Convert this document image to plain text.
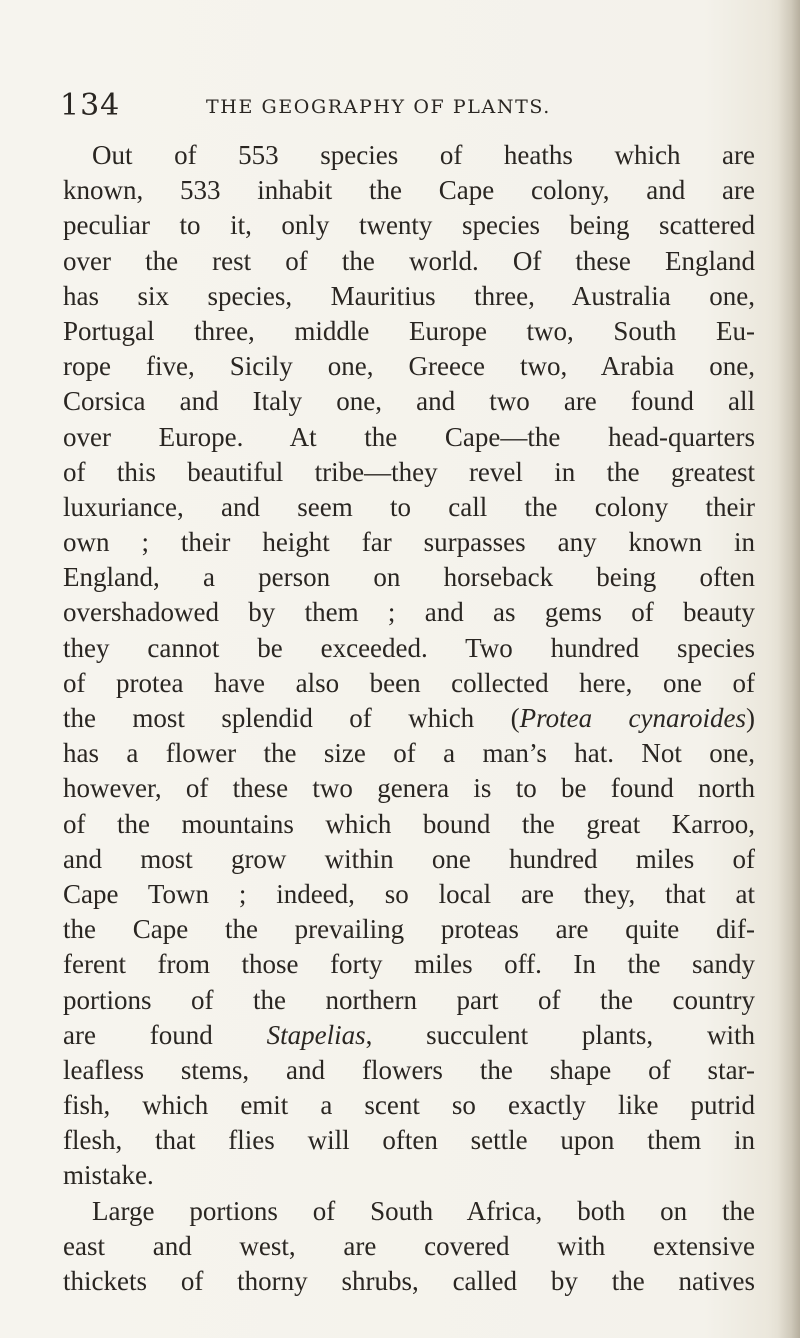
134	THE GEOGRAPHY OF PLANTS.
Out of 553 species of heaths which are
known, 533 inhabit the Cape colony, and are
peculiar to it, only twenty species being scattered
over the rest of the world. Of these England
has six species, Mauritius three, Australia one,
Portugal three, middle Europe two, South Eu-
rope five, Sicily one, Greece two, Arabia one,
Corsica and Italy one, and two are found all
over Europe. At the Cape—the head-quarters
of this beautiful tribe—they revel in the greatest
luxuriance, and seem to call the colony their
own ; their height far surpasses any known in
England, a person on horseback being often
overshadowed by them ; and as gems of beauty
they cannot be exceeded. Two hundred species
of protea have also been collected here, one of
the most splendid of which (Protea cynaroides)
has a flower the size of a man’s hat. Not one,
however, of these two genera is to be found north
of the mountains which bound the great Karroo,
and most grow within one hundred miles of
Cape Town ; indeed, so local are they, that at
the Cape the prevailing proteas are quite dif-
ferent from those forty miles off. In the sandy
portions of the northern part of the country
are found Stapelias, succulent plants, with
leafless stems, and flowers the shape of star-
fish, which emit a scent so exactly like putrid
flesh, that flies will often settle upon them in
mistake.
Large portions of South Africa, both on the
east and west, are covered with extensive
thickets of thorny shrubs, called by the natives
